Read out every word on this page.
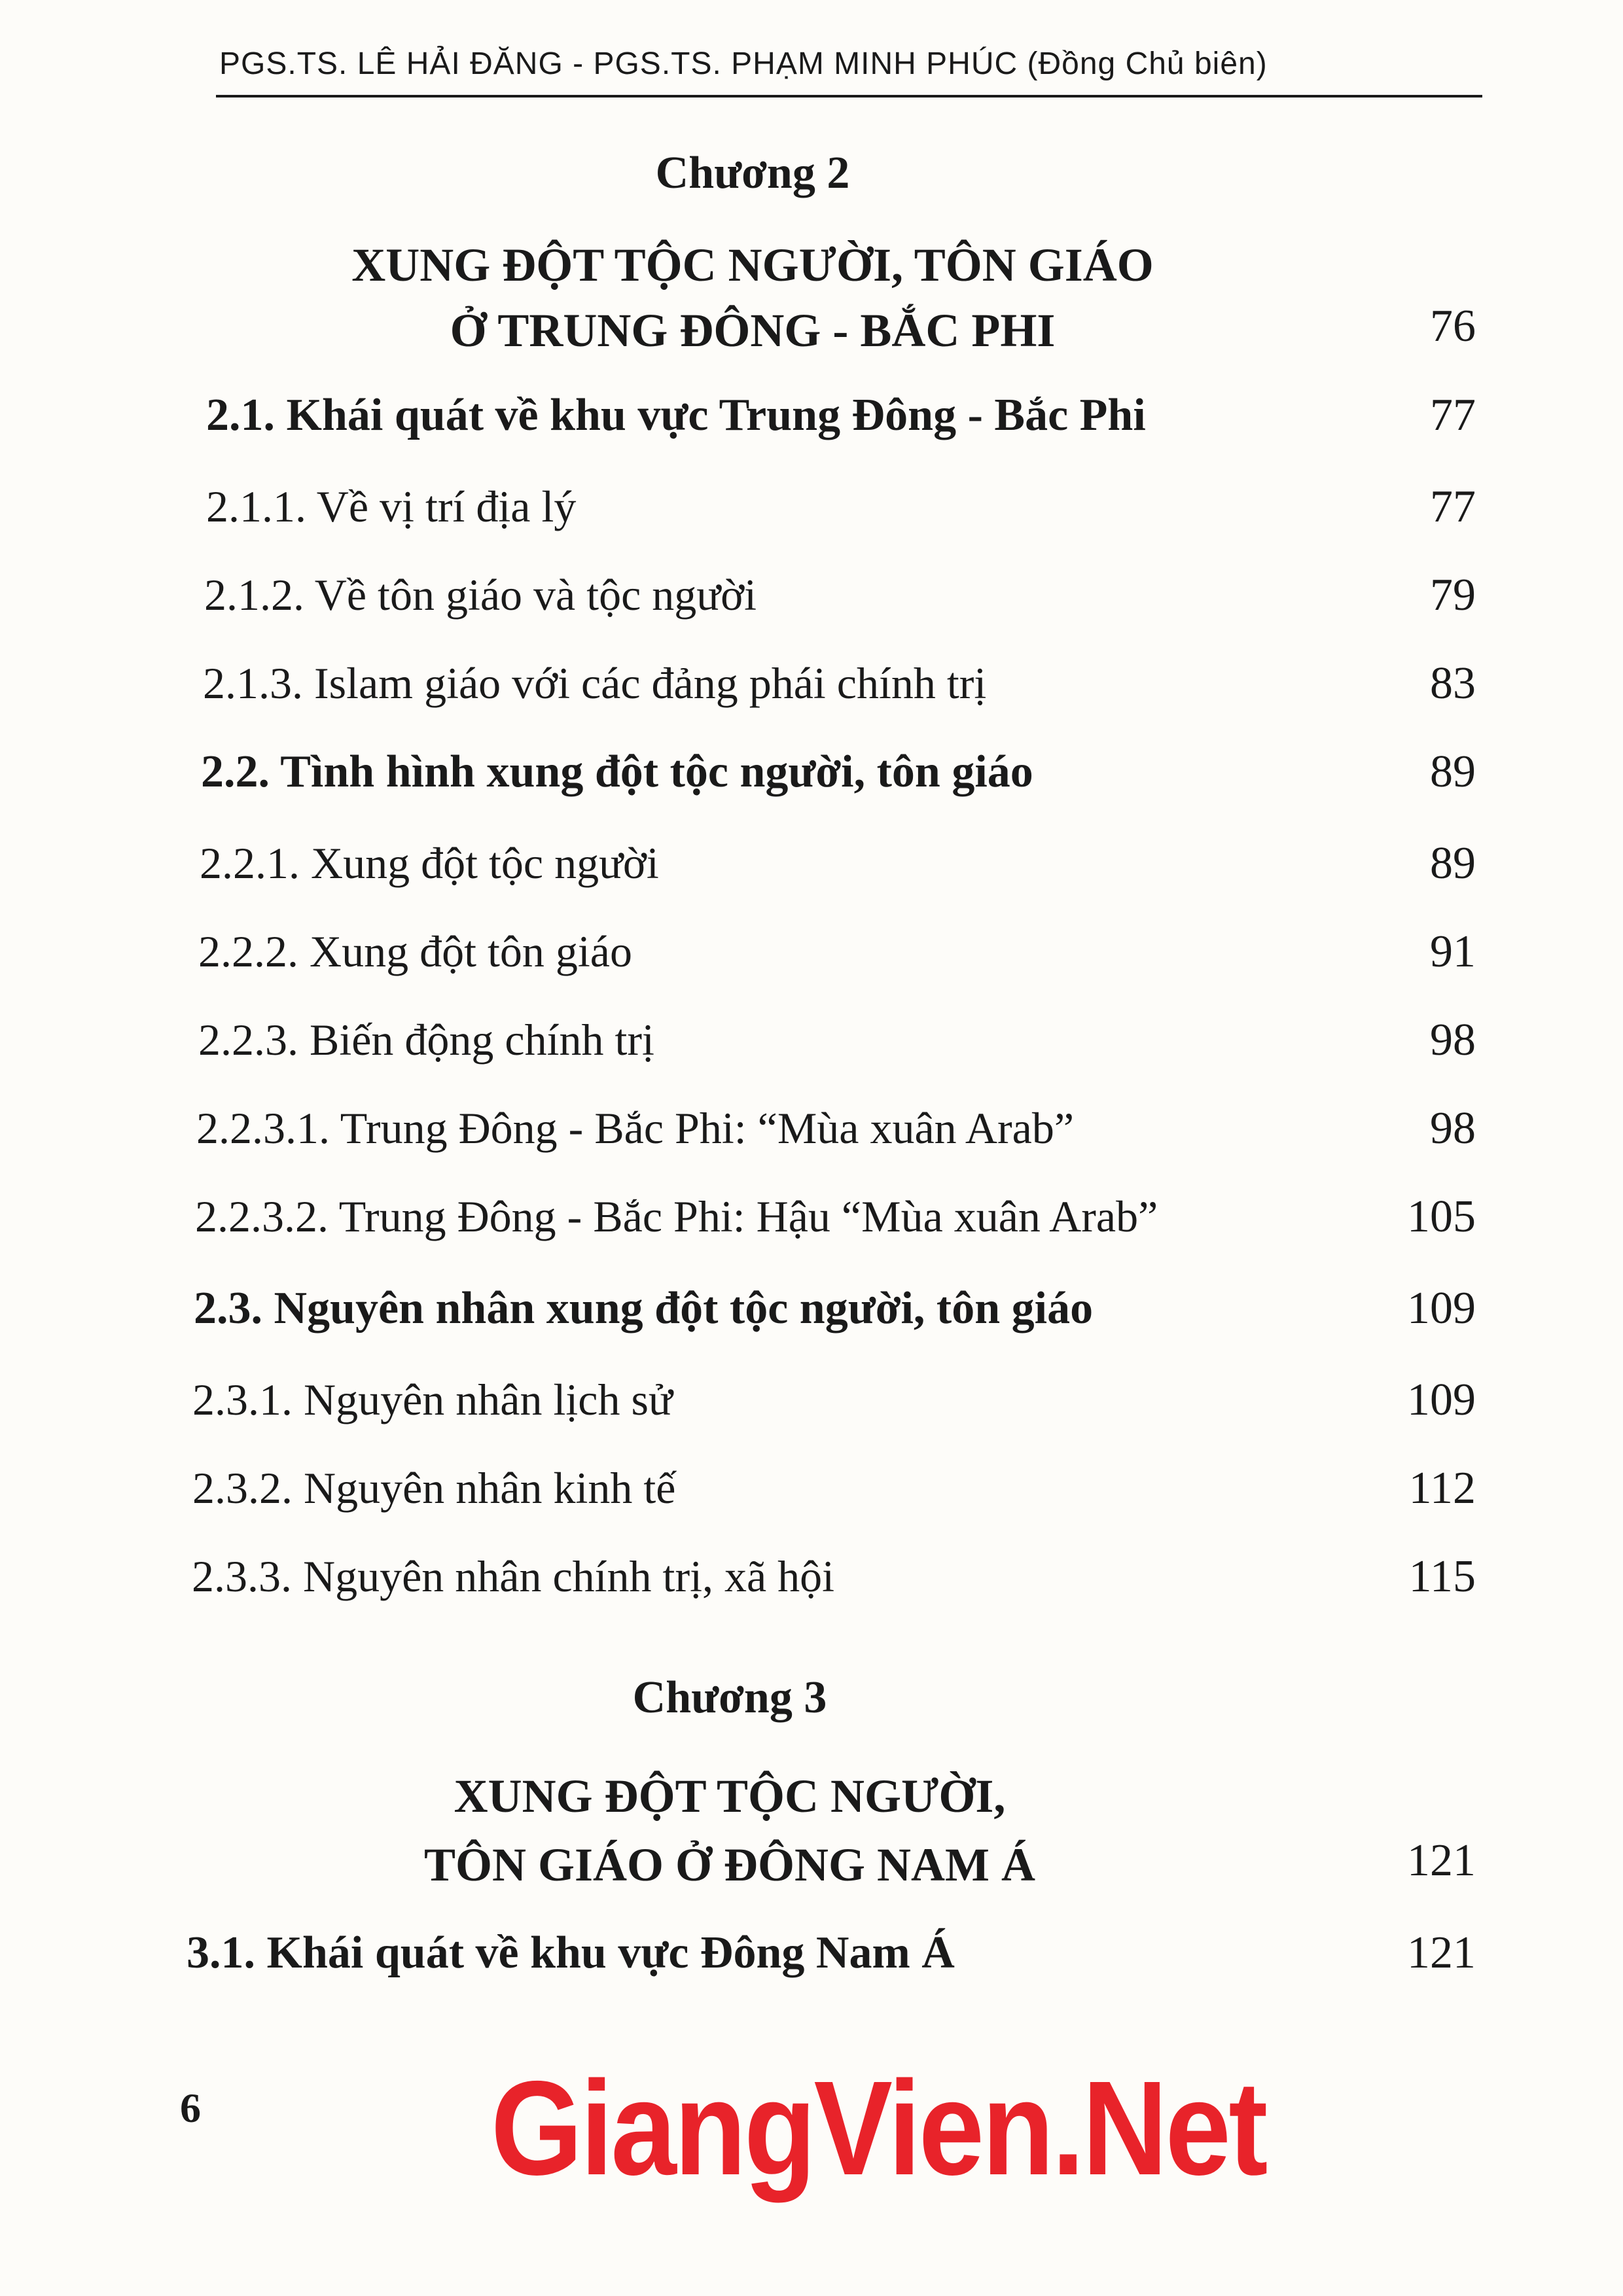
PGS.TS. LÊ HẢI ĐĂNG - PGS.TS. PHẠM MINH PHÚC (Đồng Chủ biên)
Chương 2
XUNG ĐỘT TỘC NGƯỜI, TÔN GIÁO
Ở TRUNG ĐÔNG - BẮC PHI	76
2.1. Khái quát về khu vực Trung Đông - Bắc Phi	77
2.1.1. Về vị trí địa lý	77
2.1.2. Về tôn giáo và tộc người	79
2.1.3. Islam giáo với các đảng phái chính trị	83
2.2. Tình hình xung đột tộc người, tôn giáo	89
2.2.1. Xung đột tộc người	89
2.2.2. Xung đột tôn giáo	91
2.2.3. Biến động chính trị	98
2.2.3.1. Trung Đông - Bắc Phi: “Mùa xuân Arab”	98
2.2.3.2. Trung Đông - Bắc Phi: Hậu “Mùa xuân Arab”	105
2.3. Nguyên nhân xung đột tộc người, tôn giáo	109
2.3.1. Nguyên nhân lịch sử	109
2.3.2. Nguyên nhân kinh tế	112
2.3.3. Nguyên nhân chính trị, xã hội	115
Chương 3
XUNG ĐỘT TỘC NGƯỜI,
TÔN GIÁO Ở ĐÔNG NAM Á	121
3.1. Khái quát về khu vực Đông Nam Á	121
6 GiangVien.Net
